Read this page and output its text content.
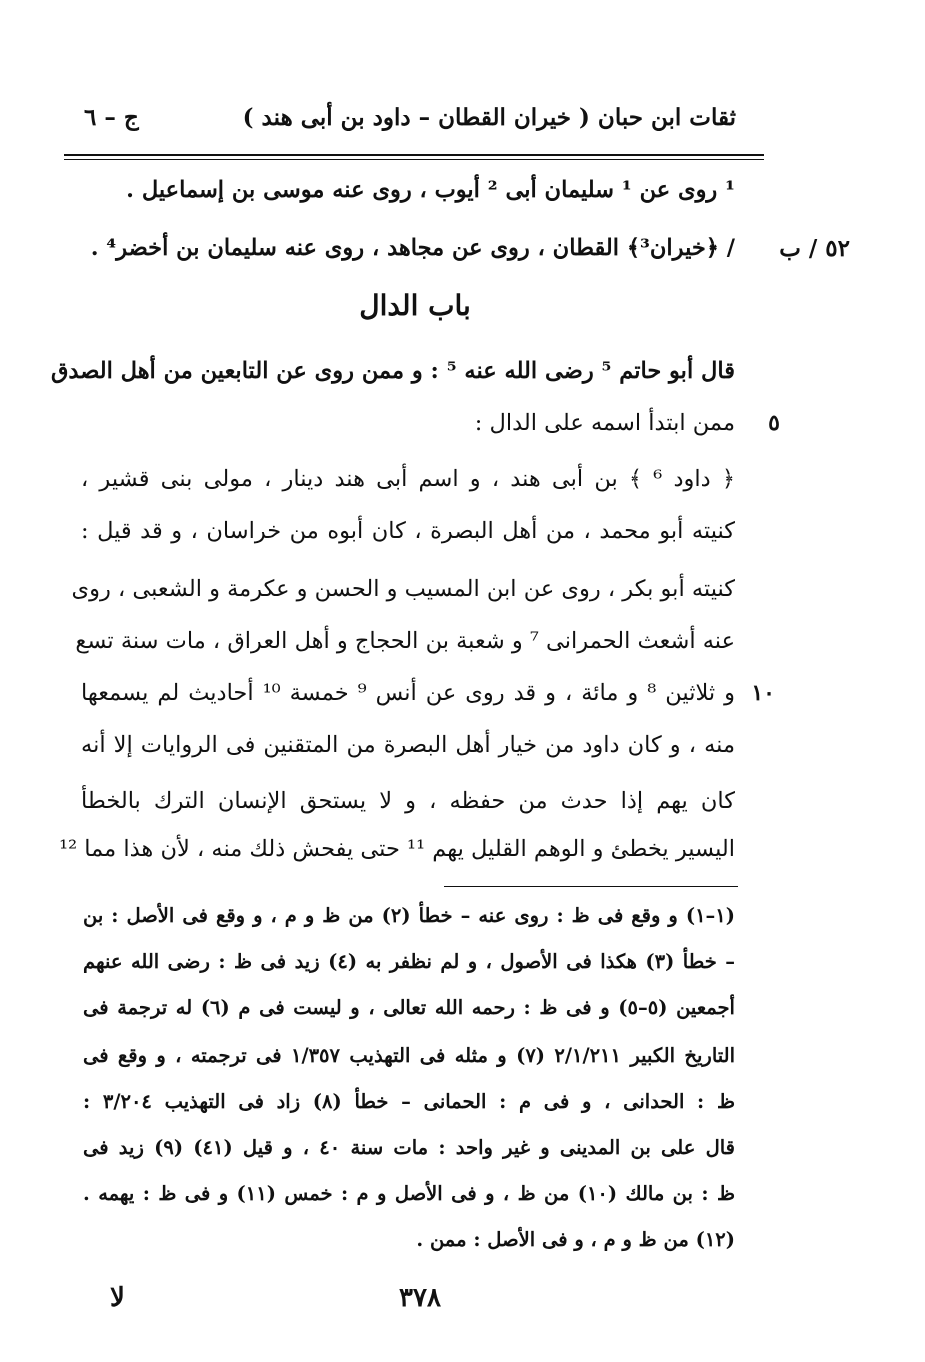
ثقات ابن حبان ( خيران القطان – داود بن أبى هند )
ج – ٦
¹ روى عن ¹ سليمان أبى ² أيوب ، روى عنه موسى بن إسماعيل .
/ ﴿خيران³﴾ القطان ، روى عن مجاهد ، روى عنه سليمان بن أخضر⁴ . ٥٢ / ب
باب الدال
قال أبو حاتم ⁵ رضى الله عنه ⁵ : و ممن روى عن التابعين من أهل الصدق
ممن ابتدأ اسمه على الدال : ٥
﴿ داود ⁶ ﴾ بن أبى هند ، و اسم أبى هند دينار ، مولى بنى قشير ،
كنيته أبو محمد ، من أهل البصرة ، كان أبوه من خراسان ، و قد قيل :
كنيته أبو بكر ، روى عن ابن المسيب و الحسن و عكرمة و الشعبى ، روى
عنه أشعث الحمرانى ⁷ و شعبة بن الحجاج و أهل العراق ، مات سنة تسع
و ثلاثين ⁸ و مائة ، و قد روى عن أنس ⁹ خمسة ¹⁰ أحاديث لم يسمعها ١٠
منه ، و كان داود من خيار أهل البصرة من المتقنين فى الروايات إلا أنه
كان يهم إذا حدث من حفظه ، و لا يستحق الإنسان الترك بالخطأ
اليسير يخطئ و الوهم القليل يهم ¹¹ حتى يفحش ذلك منه ، لأن هذا مما ¹²
(١–١) و وقع فى ظ : روى عنه – خطأ (٢) من ظ و م ، و وقع فى الأصل : بن
– خطأ (٣) هكذا فى الأصول ، و لم نظفر به (٤) زيد فى ظ : رضى الله عنهم
أجمعين (٥–٥) و فى ظ : رحمه الله تعالى ، و ليست فى م (٦) له ترجمة فى
التاريخ الكبير ٢/١/٢١١ (٧) و مثله فى التهذيب ١/٣٥٧ فى ترجمته ، و وقع فى
ظ : الحدانى ، و فى م : الحمانى – خطأ (٨) زاد فى التهذيب ٣/٢٠٤ :
قال على بن المدينى و غير واحد : مات سنة ٤٠ ، و قيل (٤١) (٩) زيد فى
ظ : بن مالك (١٠) من ظ ، و فى الأصل و م : خمس (١١) و فى ظ : يهمه .
(١٢) من ظ و م ، و فى الأصل : ممن .
٣٧٨
لا
